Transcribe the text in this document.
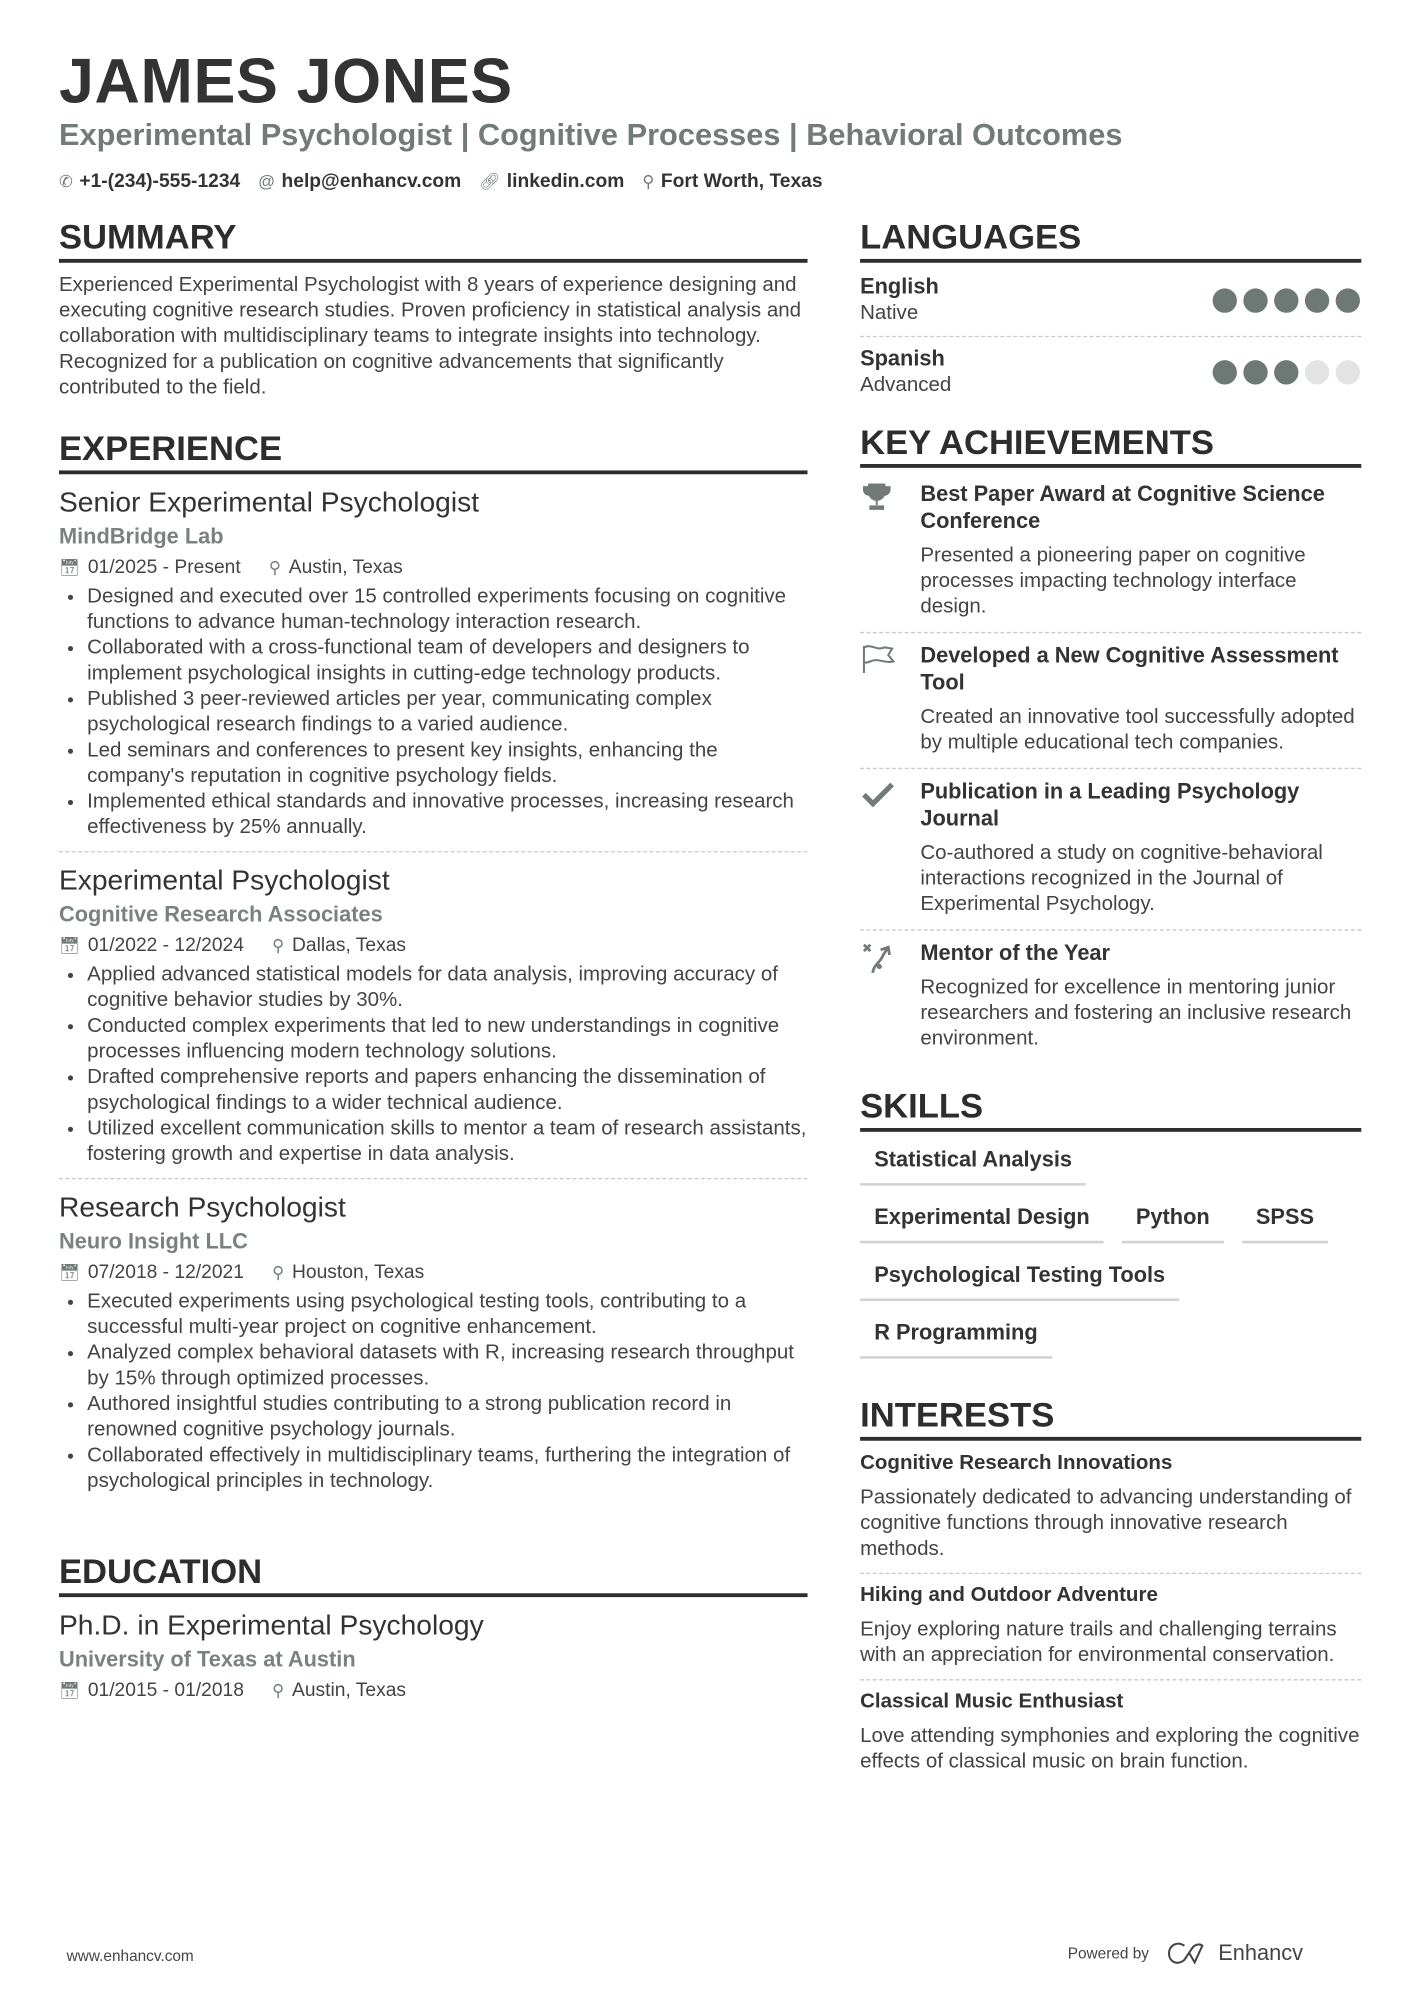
JAMES JONES
Experimental Psychologist | Cognitive Processes | Behavioral Outcomes
✆ +1-(234)-555-1234 @ help@enhancv.com 🔗︎ linkedin.com ⚲ Fort Worth, Texas
SUMMARY
Experienced Experimental Psychologist with 8 years of experience designing and executing cognitive research studies. Proven proficiency in statistical analysis and collaboration with multidisciplinary teams to integrate insights into technology. Recognized for a publication on cognitive advancements that significantly contributed to the field.
EXPERIENCE
Senior Experimental Psychologist
MindBridge Lab
📅︎ 01/2025 - Present ⚲ Austin, Texas
• Designed and executed over 15 controlled experiments focusing on cognitive functions to advance human-technology interaction research.
• Collaborated with a cross-functional team of developers and designers to implement psychological insights in cutting-edge technology products.
• Published 3 peer-reviewed articles per year, communicating complex psychological research findings to a varied audience.
• Led seminars and conferences to present key insights, enhancing the company's reputation in cognitive psychology fields.
• Implemented ethical standards and innovative processes, increasing research effectiveness by 25% annually.
Experimental Psychologist
Cognitive Research Associates
📅︎ 01/2022 - 12/2024 ⚲ Dallas, Texas
• Applied advanced statistical models for data analysis, improving accuracy of cognitive behavior studies by 30%.
• Conducted complex experiments that led to new understandings in cognitive processes influencing modern technology solutions.
• Drafted comprehensive reports and papers enhancing the dissemination of psychological findings to a wider technical audience.
• Utilized excellent communication skills to mentor a team of research assistants, fostering growth and expertise in data analysis.
Research Psychologist
Neuro Insight LLC
📅︎ 07/2018 - 12/2021 ⚲ Houston, Texas
• Executed experiments using psychological testing tools, contributing to a successful multi-year project on cognitive enhancement.
• Analyzed complex behavioral datasets with R, increasing research throughput by 15% through optimized processes.
• Authored insightful studies contributing to a strong publication record in renowned cognitive psychology journals.
• Collaborated effectively in multidisciplinary teams, furthering the integration of psychological principles in technology.
EDUCATION
Ph.D. in Experimental Psychology
University of Texas at Austin
📅︎ 01/2015 - 01/2018 ⚲ Austin, Texas
LANGUAGES
English
Native
Spanish
Advanced
KEY ACHIEVEMENTS
Best Paper Award at Cognitive Science Conference
Presented a pioneering paper on cognitive processes impacting technology interface design.
Developed a New Cognitive Assessment Tool
Created an innovative tool successfully adopted by multiple educational tech companies.
Publication in a Leading Psychology Journal
Co-authored a study on cognitive-behavioral interactions recognized in the Journal of Experimental Psychology.
Mentor of the Year
Recognized for excellence in mentoring junior researchers and fostering an inclusive research environment.
SKILLS
Statistical Analysis
Experimental Design	Python	SPSS
Psychological Testing Tools
R Programming
INTERESTS
Cognitive Research Innovations
Passionately dedicated to advancing understanding of cognitive functions through innovative research methods.
Hiking and Outdoor Adventure
Enjoy exploring nature trails and challenging terrains with an appreciation for environmental conservation.
Classical Music Enthusiast
Love attending symphonies and exploring the cognitive effects of classical music on brain function.
www.enhancv.com	Powered by	Enhancv
